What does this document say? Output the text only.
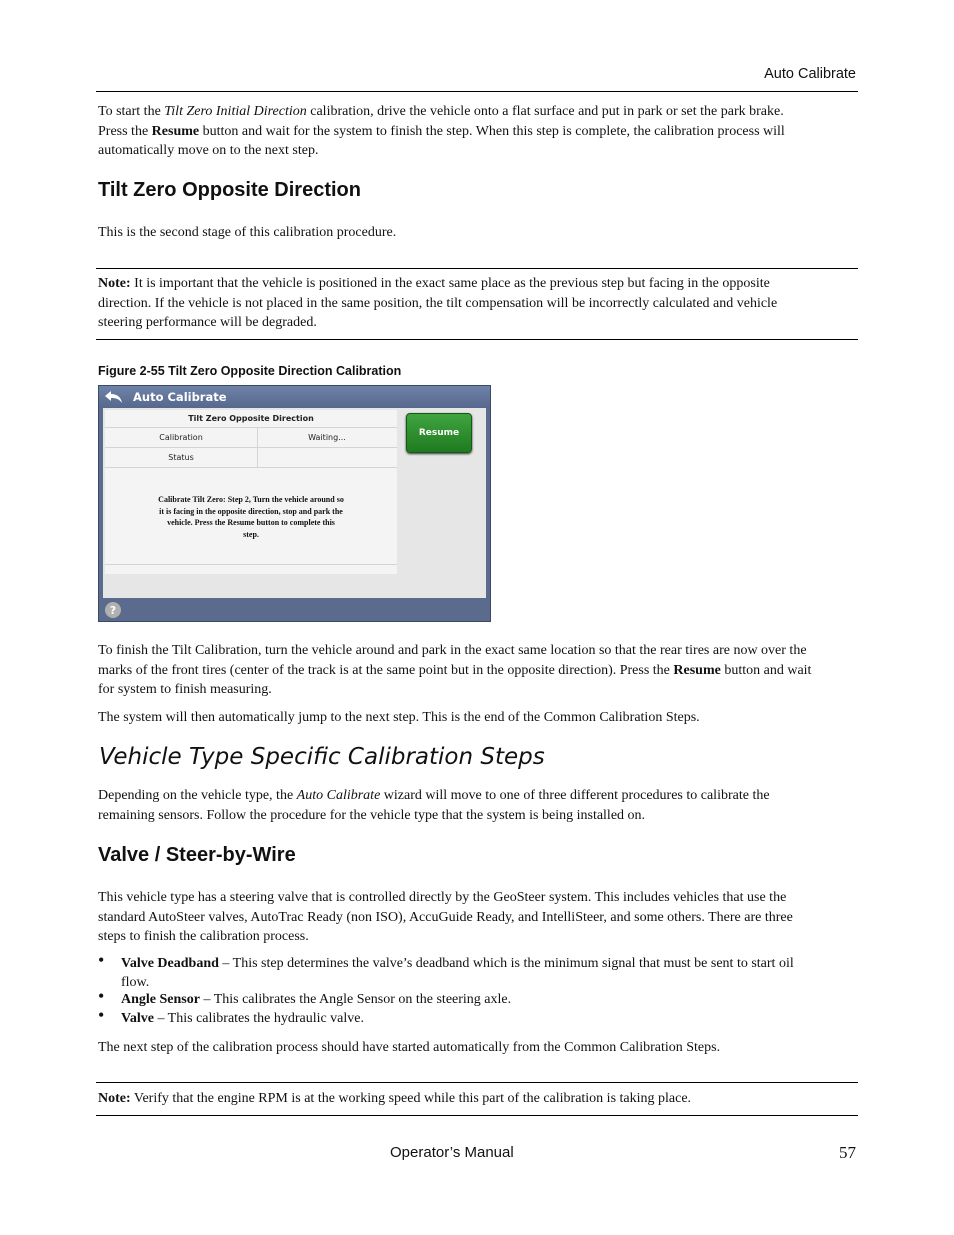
Auto Calibrate
To start the Tilt Zero Initial Direction calibration, drive the vehicle onto a flat surface and put in park or set the park brake.
Press the Resume button and wait for the system to finish the step. When this step is complete, the calibration process will
automatically move on to the next step.
Tilt Zero Opposite Direction
This is the second stage of this calibration procedure.
Note: It is important that the vehicle is positioned in the exact same place as the previous step but facing in the opposite
direction. If the vehicle is not placed in the same position, the tilt compensation will be incorrectly calculated and vehicle
steering performance will be degraded.
Figure 2-55 Tilt Zero Opposite Direction Calibration
Auto Calibrate
Tilt Zero Opposite Direction
Calibration	Waiting...
Status
Calibrate Tilt Zero: Step 2, Turn the vehicle around so
it is facing in the opposite direction, stop and park the
vehicle. Press the Resume button to complete this
step.
Resume
?
To finish the Tilt Calibration, turn the vehicle around and park in the exact same location so that the rear tires are now over the
marks of the front tires (center of the track is at the same point but in the opposite direction). Press the Resume button and wait
for system to finish measuring.
The system will then automatically jump to the next step. This is the end of the Common Calibration Steps.
Vehicle Type Specific Calibration Steps
Depending on the vehicle type, the Auto Calibrate wizard will move to one of three different procedures to calibrate the
remaining sensors. Follow the procedure for the vehicle type that the system is being installed on.
Valve / Steer-by-Wire
This vehicle type has a steering valve that is controlled directly by the GeoSteer system. This includes vehicles that use the
standard AutoSteer valves, AutoTrac Ready (non ISO), AccuGuide Ready, and IntelliSteer, and some others. There are three
steps to finish the calibration process.
• Valve Deadband – This step determines the valve’s deadband which is the minimum signal that must be sent to start oil
flow.
• Angle Sensor – This calibrates the Angle Sensor on the steering axle.
• Valve – This calibrates the hydraulic valve.
The next step of the calibration process should have started automatically from the Common Calibration Steps.
Note: Verify that the engine RPM is at the working speed while this part of the calibration is taking place.
Operator’s Manual	57
